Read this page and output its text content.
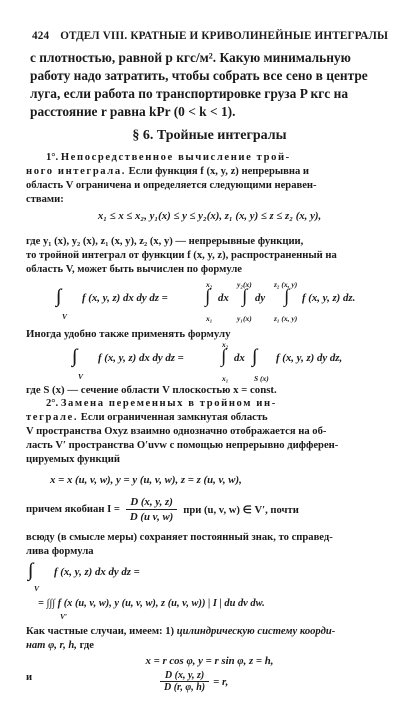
424 ОТДЕЛ VIII. КРАТНЫЕ И КРИВОЛИНЕЙНЫЕ ИНТЕГРАЛЫ
с плотностью, равной p кгс/м². Какую минимальную
работу надо затратить, чтобы собрать все сено в центре
луга, если работа по транспортировке груза P кгс на
расстояние r равна kPr (0 < k < 1).
§ 6. Тройные интегралы
1°. Непосредственное вычисление трой-
ного интеграла. Если функция f (x, y, z) непрерывна и
область V ограничена и определяется следующими неравен-
ствами:
x₁ ≤ x ≤ x₂, y₁(x) ≤ y ≤ y₂(x), z₁ (x, y) ≤ z ≤ z₂ (x, y),
где y₁ (x), y₂ (x), z₁ (x, y), z₂ (x, y) — непрерывные функции,
то тройной интеграл от функции f (x, y, z), распространенный на
область V, может быть вычислен по формуле
V
f (x, y, z) dx dy dz =
x₂
∫
x₁
dx
y₂(x)
∫
y₁(x)
dy
z₂ (x, y)
∫
z₁ (x, y)
f (x, y, z) dz.
Иногда удобно также применять формулу
V
f (x, y, z) dx dy dz =
x₂
∫
x₁
dx
S (x)
f (x, y, z) dy dz,
где S (x) — сечение области V плоскостью x = const.
2°. Замена переменных в тройном ин-
теграле. Если ограниченная замкнутая область
V пространства Oxyz взаимно однозначно отображается на об-
ласть V′ пространства O′uvw с помощью непрерывно дифферен-
цируемых функций
x = x (u, v, w), y = y (u, v, w), z = z (u, v, w),
причем якобиан $I = \frac{D (x, y, z)}{\text{D (u v, w)}}$ при (u, v, w) ∈ V′, почти
всюду (в смысле меры) сохраняет постоянный знак, то справед-
лива формула
V
f (x, y, z) dx dy dz =
= ∫∫∫ f (x (u, v, w), y (u, v, w), z (u, v, w)) | I | du dv dw.
V′
Как частные случаи, имеем: 1) цилиндрическую систему коорди-
нат φ, r, h, где
x = r cos φ, y = r sin φ, z = h,
и	$\frac{D (x, y, z)}{D (r, \varphi, h)} = r$,
